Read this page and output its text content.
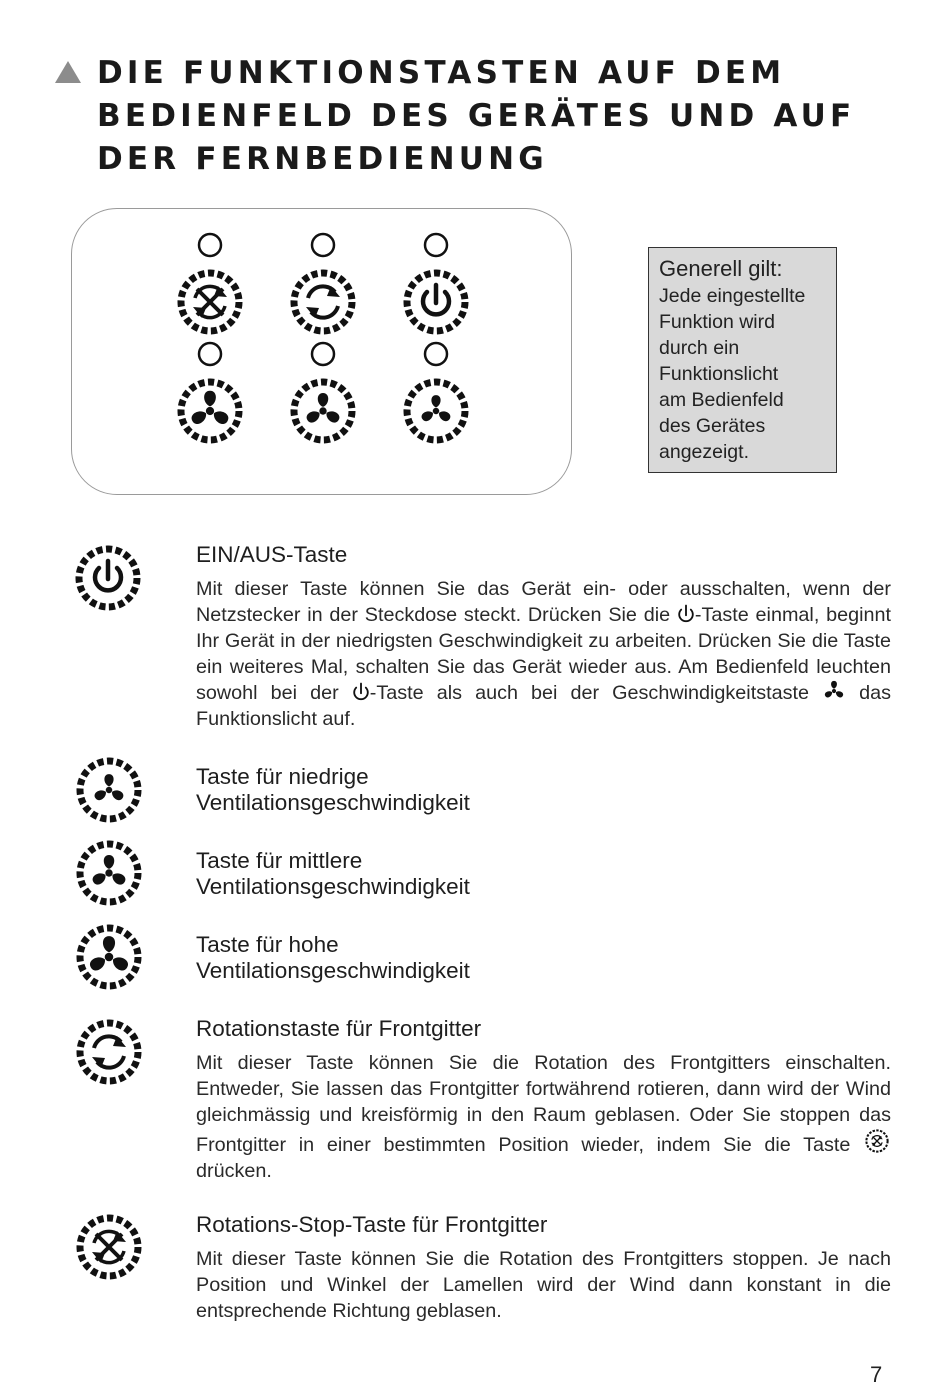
DIE FUNKTIONSTASTEN AUF DEM BEDIENFELD DES GERÄTES UND AUF DER FERNBEDIENUNG
Generell gilt:
Jede eingestellte
Funktion wird
durch ein
Funktionslicht
am Bedienfeld
des Gerätes
angezeigt.

EIN/AUS-Taste

Mit dieser Taste können Sie das Gerät ein- oder ausschalten, wenn der Netzstecker in der Steckdose steckt. Drücken Sie die -Taste einmal, beginnt Ihr Gerät in der niedrigsten Geschwindigkeit zu arbeiten. Drücken Sie die Taste ein weiteres Mal, schalten Sie das Gerät wieder aus. Am Bedienfeld leuchten sowohl bei der -Taste als auch bei der Geschwindigkeitstaste  das Funktionslicht auf.

Taste für niedrige
Ventilationsgeschwindigkeit

Taste für mittlere
Ventilationsgeschwindigkeit

Taste für hohe
Ventilationsgeschwindigkeit

Rotationstaste für Frontgitter

Mit dieser Taste können Sie die Rotation des Frontgitters einschalten. Entweder, Sie lassen das Frontgitter fortwährend rotieren, dann wird der Wind gleichmässig und kreisförmig in den Raum geblasen. Oder Sie stoppen das Frontgitter in einer bestimmten Position wieder, indem Sie die Taste  drücken.

Rotations-Stop-Taste für Frontgitter

Mit dieser Taste können Sie die Rotation des Frontgitters stoppen. Je nach Position und Winkel der Lamellen wird der Wind dann konstant in die entsprechende Richtung geblasen.

7
